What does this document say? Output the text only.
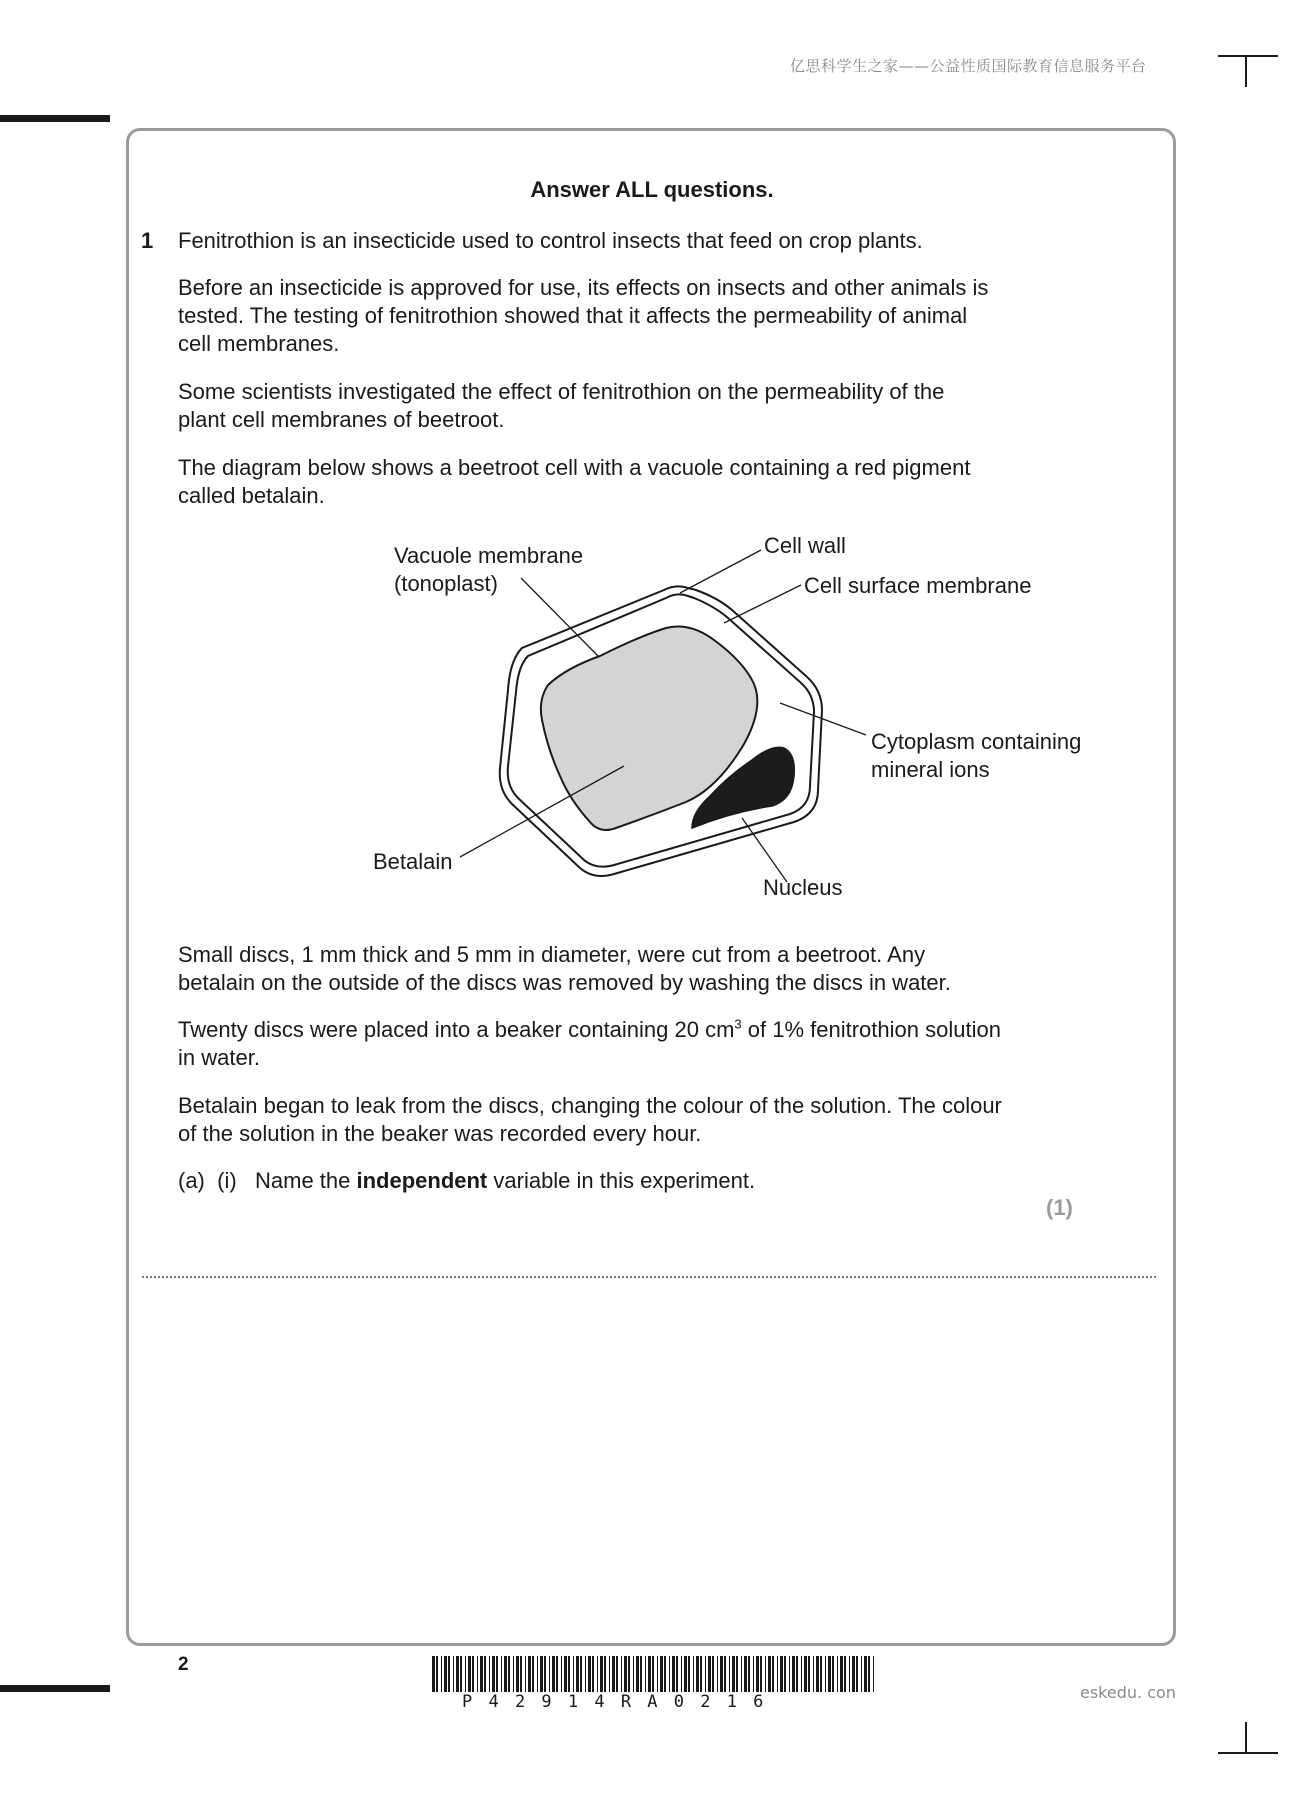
亿思科学生之家——公益性质国际教育信息服务平台
Answer ALL questions.
1 Fenitrothion is an insecticide used to control insects that feed on crop plants.
Before an insecticide is approved for use, its effects on insects and other animals is
tested. The testing of fenitrothion showed that it affects the permeability of animal
cell membranes.
Some scientists investigated the effect of fenitrothion on the permeability of the
plant cell membranes of beetroot.
The diagram below shows a beetroot cell with a vacuole containing a red pigment
called betalain.
Vacuole membrane
(tonoplast)
Cell wall
Cell surface membrane
Cytoplasm containing
mineral ions
Betalain
Nucleus
Small discs, 1 mm thick and 5 mm in diameter, were cut from a beetroot. Any
betalain on the outside of the discs was removed by washing the discs in water.
Twenty discs were placed into a beaker containing 20 $cm^3$ of 1% fenitrothion solution
in water.
Betalain began to leak from the discs, changing the colour of the solution. The colour
of the solution in the beaker was recorded every hour.
(a)  (i)   Name the independent variable in this experiment.
(1)
2
P 4 2 9 1 4 R A 0 2 1 6	eskedu. con
